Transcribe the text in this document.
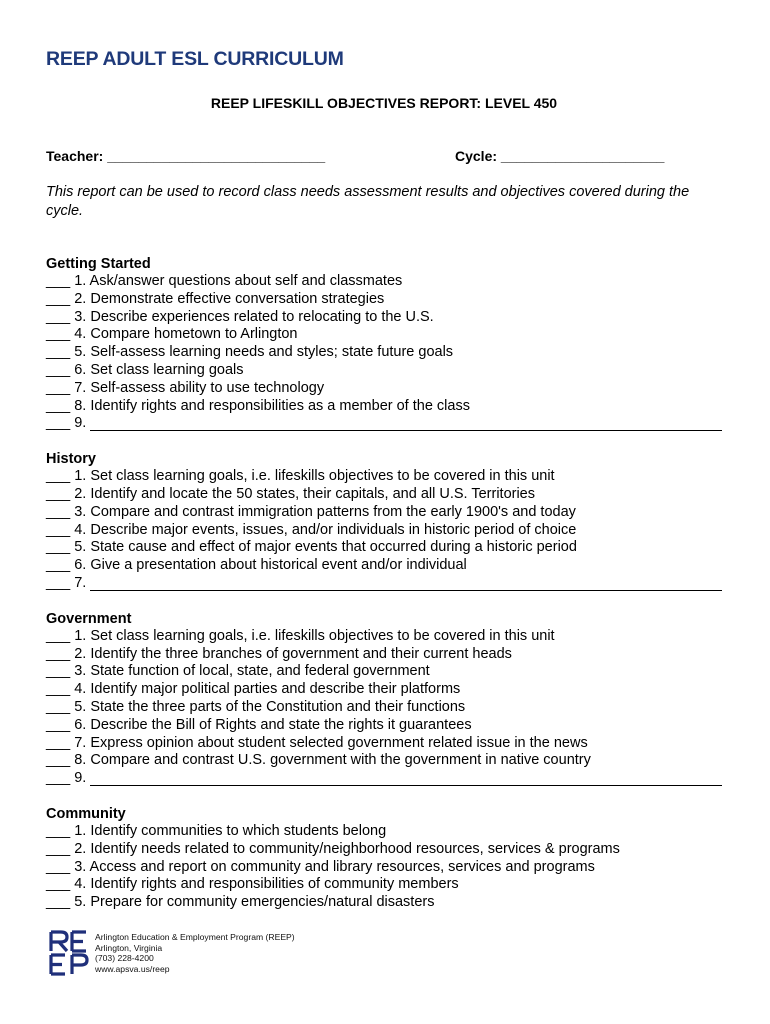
REEP ADULT ESL CURRICULUM
REEP LIFESKILL OBJECTIVES REPORT: LEVEL 450
Teacher: ____________________________	Cycle: _____________________
This report can be used to record class needs assessment results and objectives covered during the cycle.
Getting Started
___ 1. Ask/answer questions about self and classmates
___ 2. Demonstrate effective conversation strategies
___ 3. Describe experiences related to relocating to the U.S.
___ 4. Compare hometown to Arlington
___ 5. Self-assess learning needs and styles; state future goals
___ 6. Set class learning goals
___ 7. Self-assess ability to use technology
___ 8. Identify rights and responsibilities as a member of the class
___ 9.
History
___ 1. Set class learning goals, i.e. lifeskills objectives to be covered in this unit
___ 2. Identify and locate the 50 states, their capitals, and all U.S. Territories
___ 3. Compare and contrast immigration patterns from the early 1900's and today
___ 4. Describe major events, issues, and/or individuals in historic period of choice
___ 5. State cause and effect of major events that occurred during a historic period
___ 6. Give a presentation about historical event and/or individual
___ 7.
Government
___ 1. Set class learning goals, i.e. lifeskills objectives to be covered in this unit
___ 2. Identify the three branches of government and their current heads
___ 3. State function of local, state, and federal government
___ 4. Identify major political parties and describe their platforms
___ 5. State the three parts of the Constitution and their functions
___ 6. Describe the Bill of Rights and state the rights it guarantees
___ 7. Express opinion about student selected government related issue in the news
___ 8. Compare and contrast U.S. government with the government in native country
___ 9.
Community
___ 1. Identify communities to which students belong
___ 2. Identify needs related to community/neighborhood resources, services & programs
___ 3. Access and report on community and library resources, services and programs
___ 4. Identify rights and responsibilities of community members
___ 5. Prepare for community emergencies/natural disasters
Arlington Education & Employment Program (REEP)
Arlington, Virginia
(703) 228-4200
www.apsva.us/reep
